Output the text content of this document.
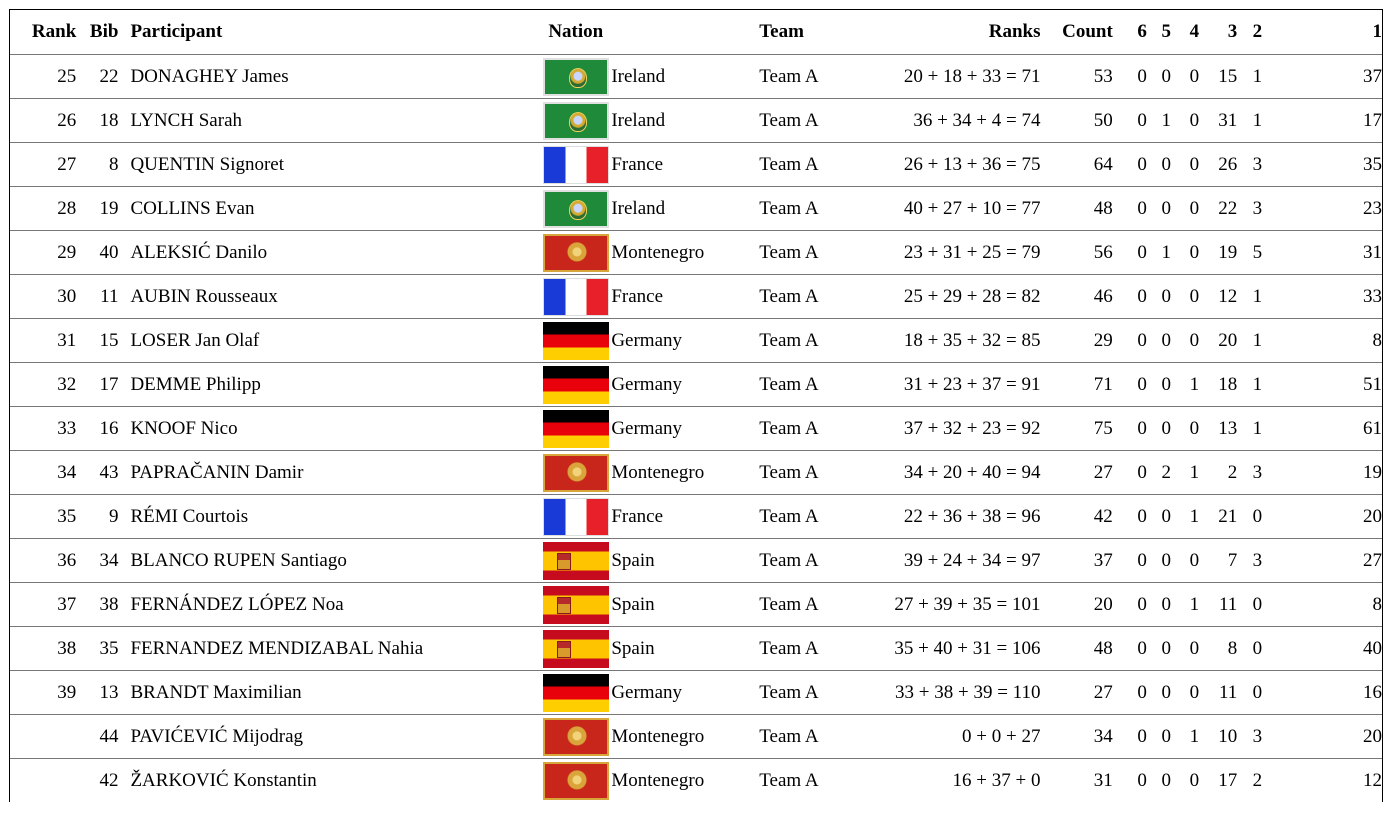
Rank	Bib	Participant	Nation	Team	Ranks	Count	6	5	4	3	2	1
25	22	DONAGHEY James	Ireland	Team A	20 + 18 + 33 = 71	53	0	0	0	15	1	37
26	18	LYNCH Sarah	Ireland	Team A	36 + 34 + 4 = 74	50	0	1	0	31	1	17
27	8	QUENTIN Signoret	France	Team A	26 + 13 + 36 = 75	64	0	0	0	26	3	35
28	19	COLLINS Evan	Ireland	Team A	40 + 27 + 10 = 77	48	0	0	0	22	3	23
29	40	ALEKSIĆ Danilo	Montenegro	Team A	23 + 31 + 25 = 79	56	0	1	0	19	5	31
30	11	AUBIN Rousseaux	France	Team A	25 + 29 + 28 = 82	46	0	0	0	12	1	33
31	15	LOSER Jan Olaf	Germany	Team A	18 + 35 + 32 = 85	29	0	0	0	20	1	8
32	17	DEMME Philipp	Germany	Team A	31 + 23 + 37 = 91	71	0	0	1	18	1	51
33	16	KNOOF Nico	Germany	Team A	37 + 32 + 23 = 92	75	0	0	0	13	1	61
34	43	PAPRAČANIN Damir	Montenegro	Team A	34 + 20 + 40 = 94	27	0	2	1	2	3	19
35	9	RÉMI Courtois	France	Team A	22 + 36 + 38 = 96	42	0	0	1	21	0	20
36	34	BLANCO RUPEN Santiago	Spain	Team A	39 + 24 + 34 = 97	37	0	0	0	7	3	27
37	38	FERNÁNDEZ LÓPEZ Noa	Spain	Team A	27 + 39 + 35 = 101	20	0	0	1	11	0	8
38	35	FERNANDEZ MENDIZABAL Nahia	Spain	Team A	35 + 40 + 31 = 106	48	0	0	0	8	0	40
39	13	BRANDT Maximilian	Germany	Team A	33 + 38 + 39 = 110	27	0	0	0	11	0	16
	44	PAVIĆEVIĆ Mijodrag	Montenegro	Team A	0 + 0 + 27	34	0	0	1	10	3	20
	42	ŽARKOVIĆ Konstantin	Montenegro	Team A	16 + 37 + 0	31	0	0	0	17	2	12
